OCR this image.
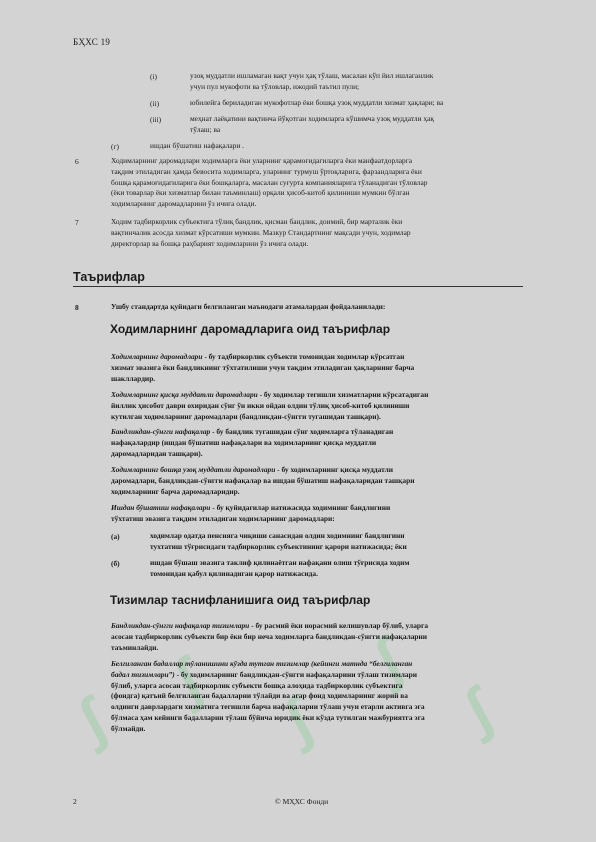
∫
∫
∫
∫
∫
БҲХС 19
(i)	узоқ муддатли ишламаган вақт учун ҳақ тўлаш, масалан кўп йил ишлаганлик
учун пул мукофоти ва тўловлар, ижодий таътил пули;
(ii)	юбилейга бериладиган мукофотлар ёки бошқа узоқ муддатли хизмат ҳақлари; ва
(iii)	меҳнат лаёқатини вақтинча йўқотган ходимларга кўшимча узоқ муддатли ҳақ
тўлаш; ва
(г)	ишдан бўшатиш нафақалари .
6	Ходимларнинг даромадлари ходимларга ёки уларнинг қарамоғидагиларга ёки манфаатдорларга
тақдим этиладиган ҳамда бевосита ходимларга, уларнинг турмуш ўртоқларига, фарзандларига ёки
бошқа қарамоғидагиларига ёки бошқаларга, масалан суғурта компанияларига тўланадиган тўловлар
(ёки товарлар ёки хизматлар билан таъминлаш) орқали ҳисоб-китоб қилиниши мумкин бўлган
ходимларнинг даромадларини ўз ичига олади.
7	Ходим тадбиркорлик субъектига тўлиқ бандлик, қисман бандлик, доимий, бир марталик ёки
вақтинчалик асосда хизмат кўрсатиши мумкин. Мазкур Стандартнинг мақсади учун, ходимлар
директорлар ва бошқа раҳбарият ходимларини ўз ичига олади.
Таърифлар
8	Ушбу стандартда қуйидаги белгиланган маънодаги атамалардан фойдаланилади:
Ходимларнинг даромадларига оид таърифлар
Ходимларнинг даромадлари - бу тадбиркорлик субъекти томонидан ходимлар кўрсатган
хизмат эвазига ёки бандликнинг тўхтатилиши учун тақдим этиладиган ҳақларнинг барча
шакллардир.
Ходимларнинг қисқа муддатли даромадлари - бу ходимлар тегишли хизматларни кўрсатадиган
йиллик ҳисобот даври охиридан сўнг ўн икки ойдан олдин тўлиқ ҳисоб-китоб қилиниши
кутилган ходимларнинг даромадлари (бандликдан-сўнгги тугашидан ташқари).
Бандликдан-сўнгги нафақалар - бу бандлик тугашидан сўнг ходимларга тўланадиган
нафақалардир (ишдан бўшатиш нафақалари ва ходимларнинг қисқа муддатли
даромадларидан ташқари).
Ходимларнинг бошқа узоқ муддатли даромадлари - бу ходимларнинг қисқа муддатли
даромадлари, бандликдан-сўнгги нафақалар ва ишдан бўшатиш нафақаларидан ташқари
ходимларнинг барча даромадларидир.
Ишдан бўшатиш нафақалари - бу қуйидагилар натижасида ходимнинг бандлигини
тўхтатиш эвазига тақдим этиладиган ходимларнинг даромадлари:
(а)	ходимлар одатда пенсияга чиқиши санасидан олдин ходимнинг бандлигини
тухтатиш тўғрисидаги тадбиркорлик субъектининг қарори натижасида; ёки
(б)	ишдан бўшаш эвазига таклиф қилинаётган нафақани олиш тўғрисида ходим
томонидан қабул қилинадиган қарор натижасида.
Тизимлар таснифланишига оид таърифлар
Бандликдан-сўнгги нафақалар тизимлари - бу расмий ёки норасмий келишувлар бўлиб, уларга
асосан тадбиркорлик субъекти бир ёки бир неча ходимларга бандликдан-сўнгги нафақаларни
таъминлайди.
Белгиланган бадаллар тўланишини кўзда тутган тизимлар (кейинги матнда “белгиланган
бадал тизимлари”) - бу ходимларнинг бандликдан-сўнгги нафақаларини тўлаш тизимлари
бўлиб, уларга асосан тадбиркорлик субъекти бошқа алоҳида тадбиркорлик субъектига
(фондга) қатъий белгиланган бадалларни тўлайди ва агар фонд ходимларнинг жорий ва
олдинги даврлардаги хизматига тегишли барча нафақаларни тўлаш учун етарли активга эга
бўлмаса ҳам кейинги бадалларни тўлаш бўйича юридик ёки кўзда тутилган мажбуриятга эга
бўлмайди.
2	© МҲХС Фонди
